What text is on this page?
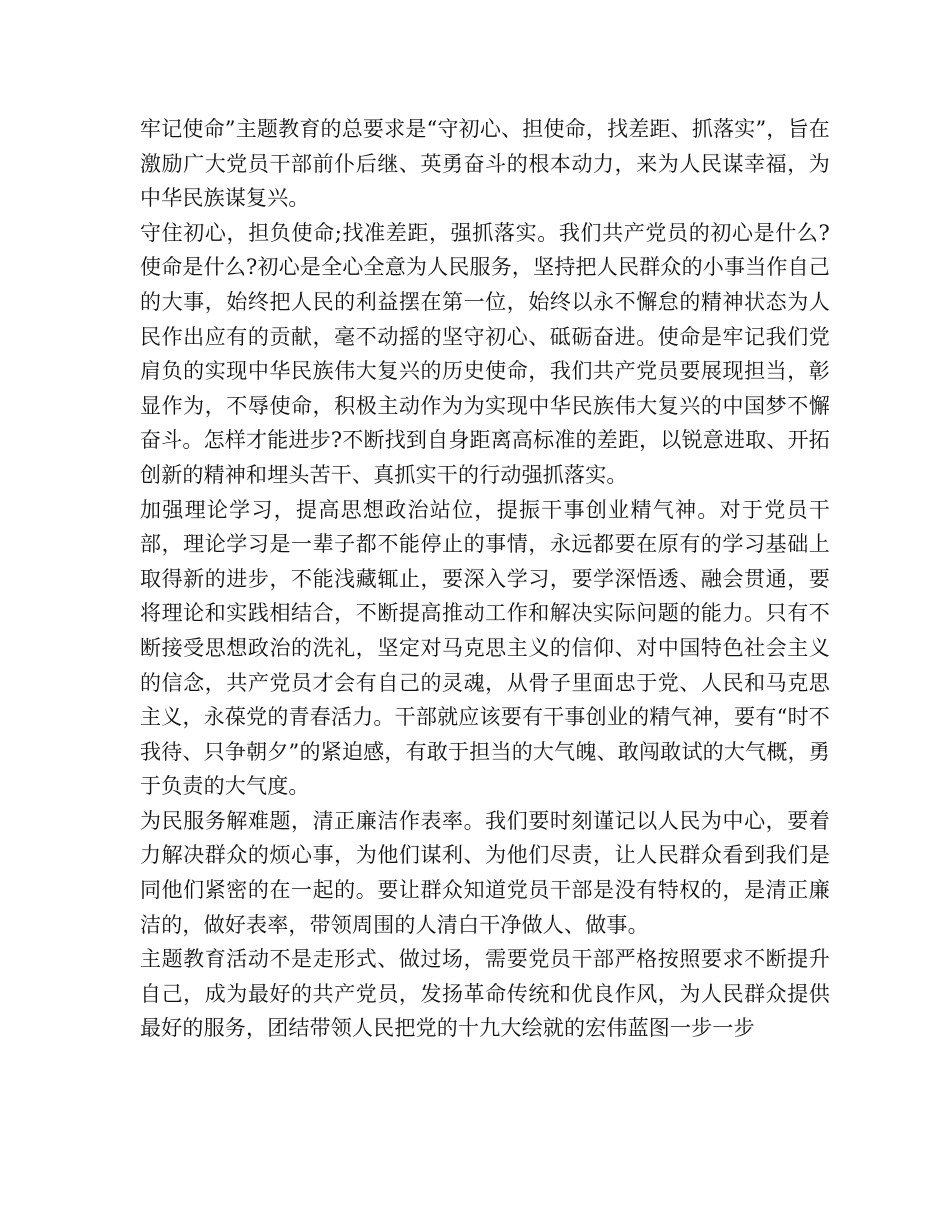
牢记使命”主题教育的总要求是“守初心、担使命，找差距、抓落实”，旨在激励广大党员干部前仆后继、英勇奋斗的根本动力，来为人民谋幸福，为中华民族谋复兴。

守住初心，担负使命;找准差距，强抓落实。我们共产党员的初心是什么?使命是什么?初心是全心全意为人民服务，坚持把人民群众的小事当作自己的大事，始终把人民的利益摆在第一位，始终以永不懈怠的精神状态为人民作出应有的贡献，毫不动摇的坚守初心、砥砺奋进。使命是牢记我们党肩负的实现中华民族伟大复兴的历史使命，我们共产党员要展现担当，彰显作为，不辱使命，积极主动作为为实现中华民族伟大复兴的中国梦不懈奋斗。怎样才能进步?不断找到自身距离高标准的差距，以锐意进取、开拓创新的精神和埋头苦干、真抓实干的行动强抓落实。

加强理论学习，提高思想政治站位，提振干事创业精气神。对于党员干部，理论学习是一辈子都不能停止的事情，永远都要在原有的学习基础上取得新的进步，不能浅藏辄止，要深入学习，要学深悟透、融会贯通，要将理论和实践相结合，不断提高推动工作和解决实际问题的能力。只有不断接受思想政治的洗礼，坚定对马克思主义的信仰、对中国特色社会主义的信念，共产党员才会有自己的灵魂，从骨子里面忠于党、人民和马克思主义，永葆党的青春活力。干部就应该要有干事创业的精气神，要有“时不我待、只争朝夕”的紧迫感，有敢于担当的大气魄、敢闯敢试的大气概，勇于负责的大气度。

为民服务解难题，清正廉洁作表率。我们要时刻谨记以人民为中心，要着力解决群众的烦心事，为他们谋利、为他们尽责，让人民群众看到我们是同他们紧密的在一起的。要让群众知道党员干部是没有特权的，是清正廉洁的，做好表率，带领周围的人清白干净做人、做事。

主题教育活动不是走形式、做过场，需要党员干部严格按照要求不断提升自己，成为最好的共产党员，发扬革命传统和优良作风，为人民群众提供最好的服务，团结带领人民把党的十九大绘就的宏伟蓝图一步一步
